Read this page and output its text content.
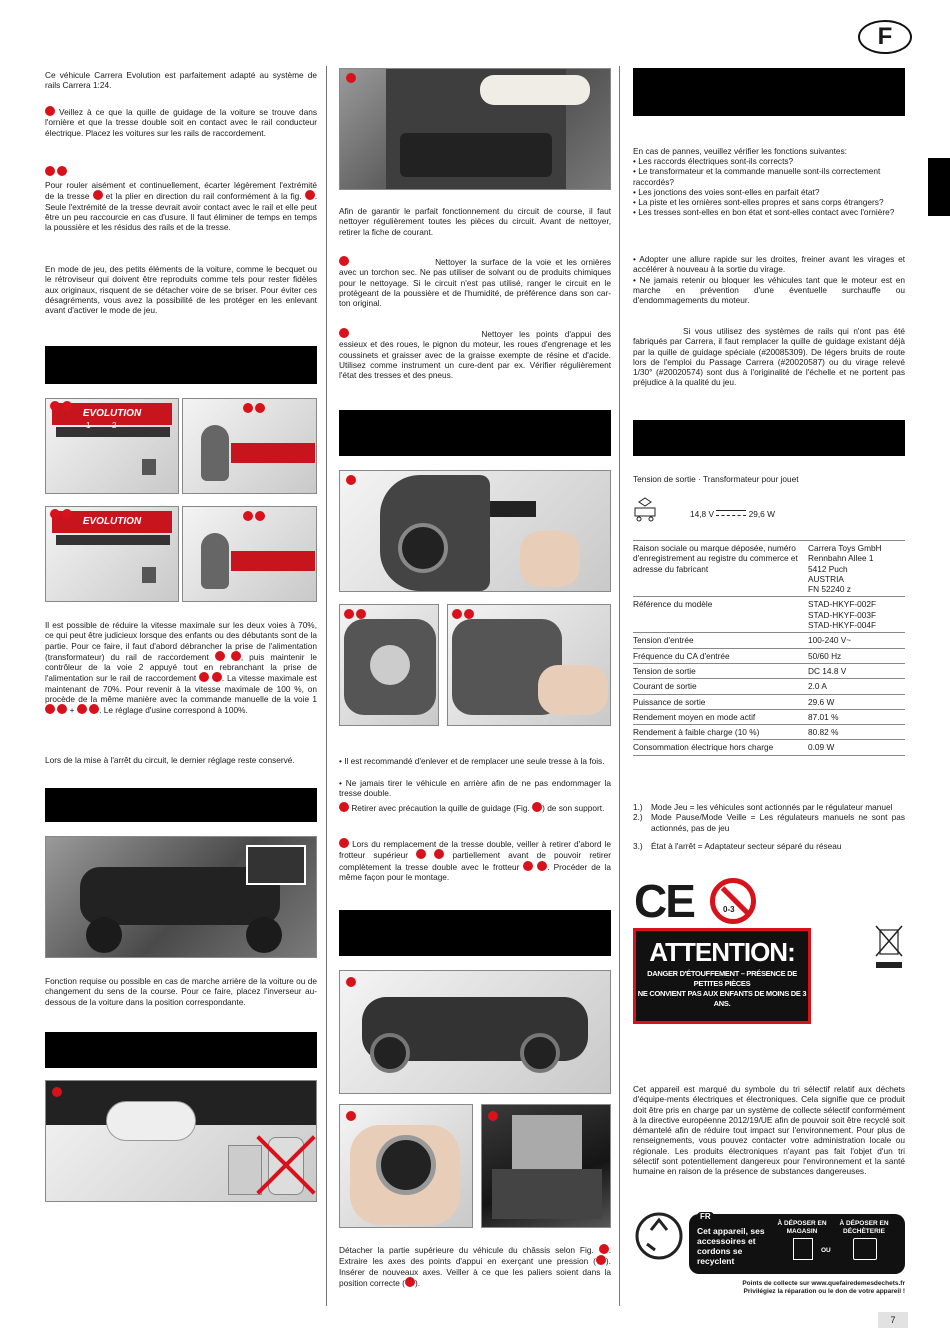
F

Ce véhicule Carrera Evolution est parfaitement adapté au système de rails Carrera 1:24.

Veillez à ce que la quille de guidage de la voiture se trouve dans l'ornière et que la tresse double soit en contact avec le rail conducteur électrique. Placez les voitures sur les rails de raccordement.

Pour rouler aisément et continuellement, écarter légèrement l'extrémité de la tresse et la plier en direction du rail conformément à la fig. . Seule l'extrémité de la tresse devrait avoir contact avec le rail et elle peut être un peu raccourcie en cas d'usure. Il faut éliminer de temps en temps la poussière et les résidus des rails et de la tresse.

En mode de jeu, des petits éléments de la voiture, comme le becquet ou le rétroviseur qui doivent être reproduits comme tels pour rester fidèles aux originaux, risquent de se détacher voire de se briser. Pour éviter ces désagréments, vous avez la possibilité de les protéger en les enlevant avant d'activer le mode de jeu.

EVOLUTION
1	2

EVOLUTION

Il est possible de réduire la vitesse maximale sur les deux voies à 70%, ce qui peut être judicieux lorsque des enfants ou des débutants sont de la partie. Pour ce faire, il faut d'abord débrancher la prise de l'alimentation (transformateur) du rail de raccordement	, puis maintenir le contrôleur de la voie 2 appuyé tout en rebranchant la prise de l'alimentation sur le rail de raccordement	. La vitesse maximale est maintenant de 70%. Pour revenir à la vitesse maximale de 100 %, on procède de la même manière avec la commande manuelle de la voie 1   +	. Le réglage d'usine correspond à 100%.

Lors de la mise à l'arrêt du circuit, le dernier réglage reste conservé.

Fonction requise ou possible en cas de marche arrière de la voiture ou de changement du sens de la course. Pour ce faire, placez l'inverseur au-dessous de la voiture dans la position correspondante.

Afin de garantir le parfait fonctionnement du circuit de course, il faut nettoyer régulièrement toutes les pièces du circuit. Avant de nettoyer, retirer la fiche de courant.

Nettoyer la surface de la voie et les ornières avec un torchon sec. Ne pas utiliser de solvant ou de produits chimiques pour le nettoyage. Si le circuit n'est pas utilisé, ranger le circuit en le protégeant de la poussière et de l'humidité, de préférence dans son car-ton original.

Nettoyer les points d'appui des essieux et des roues, le pignon du moteur, les roues d'engrenage et les coussinets et graisser avec de la graisse exempte de résine et d'acide. Utilisez comme instrument un cure-dent par ex. Vérifier régulièrement l'état des tresses et des pneus.

• Il est recommandé d'enlever et de remplacer une seule tresse à la fois.

• Ne jamais tirer le véhicule en arrière afin de ne pas endommager la tresse double.

Retirer avec précaution la quille de guidage (Fig. ) de son support.

Lors du remplacement de la tresse double, veiller à retirer d'abord le frotteur supérieur	partiellement avant de pouvoir retirer complètement la tresse double avec le frotteur	. Procéder de la même façon pour le montage.

Détacher la partie supérieure du véhicule du châssis selon Fig. . Extraire les axes des points d'appui en exerçant une pression ( ). Insérer de nouveaux axes. Veiller à ce que les paliers soient dans la position correcte ( ).

En cas de pannes, veuillez vérifier les fonctions suivantes:

• Les raccords électriques sont-ils corrects?
• Le transformateur et la commande manuelle sont-ils correctement raccordés?
• Les jonctions des voies sont-elles en parfait état?
• La piste et les ornières sont-elles propres et sans corps étrangers?
• Les tresses sont-elles en bon état et sont-elles contact avec l'ornière?
• Adopter une allure rapide sur les droites, freiner avant les virages et accélérer à nouveau à la sortie du virage.
• Ne jamais retenir ou bloquer les véhicules tant que le moteur est en marche en prévention d'une éventuelle surchauffe ou d'endommagements du moteur.

Si vous utilisez des systèmes de rails qui n'ont pas été fabriqués par Carrera, il faut remplacer la quille de guidage existant déjà par la quille de guidage spéciale (#20085309). De légers bruits de route lors de l'emploi du Passage Carrera (#20020587) ou du virage relevé 1/30° (#20020574) sont dus à l'originalité de l'échelle et ne portent pas préjudice à la qualité du jeu.

Tension de sortie · Transformateur pour jouet

14,8 V	29,6 W
Raison sociale ou marque déposée, numéro d'enregistrement au registre du commerce et adresse du fabricant	Carrera Toys GmbH
Rennbahn Allee 1
5412 Puch
AUSTRIA
FN 52240 z

Référence du modèle	STAD-HKYF-002F
STAD-HKYF-003F
STAD-HKYF-004F

Tension d'entrée	100-240 V~

Fréquence du CA d'entrée	50/60 Hz

Tension de sortie	DC 14.8 V

Courant de sortie	2.0 A

Puissance de sortie	29.6 W

Rendement moyen en mode actif	87.01 %

Rendement à faible charge (10 %)	80.82 %

Consommation électrique hors charge	0.09 W
1.)	Mode Jeu = les véhicules sont actionnés par le régulateur manuel
2.)	Mode Pause/Mode Veille = Les régulateurs manuels ne sont pas actionnés, pas de jeu
3.)	État à l'arrêt = Adaptateur secteur séparé du réseau
CE	0-3
ATTENTION:
DANGER D'ÉTOUFFEMENT – PRÉSENCE DE PETITES PIÈCES
NE CONVIENT PAS AUX ENFANTS DE MOINS DE 3 ANS.

Cet appareil est marqué du symbole du tri sélectif relatif aux déchets d'équipe-ments électriques et électroniques. Cela signifie que ce produit doit être pris en charge par un système de collecte sélectif conformément à la directive européenne 2012/19/UE afin de pouvoir soit être recyclé soit démantelé afin de réduire tout impact sur l'environnement. Pour plus de renseignements, vous pouvez contacter votre administration locale ou régionale. Les produits électroniques n'ayant pas fait l'objet d'un tri sélectif sont potentiellement dangereux pour l'environnement et la santé humaine en raison de la présence de substances dangereuses.

FR
Cet appareil, ses accessoires et cordons se recyclent
À DÉPOSER EN MAGASIN
À DÉPOSER EN DÉCHÈTERIE
OU
Points de collecte sur www.quefairedemesdechets.fr
Privilégiez la réparation ou le don de votre appareil !
7
